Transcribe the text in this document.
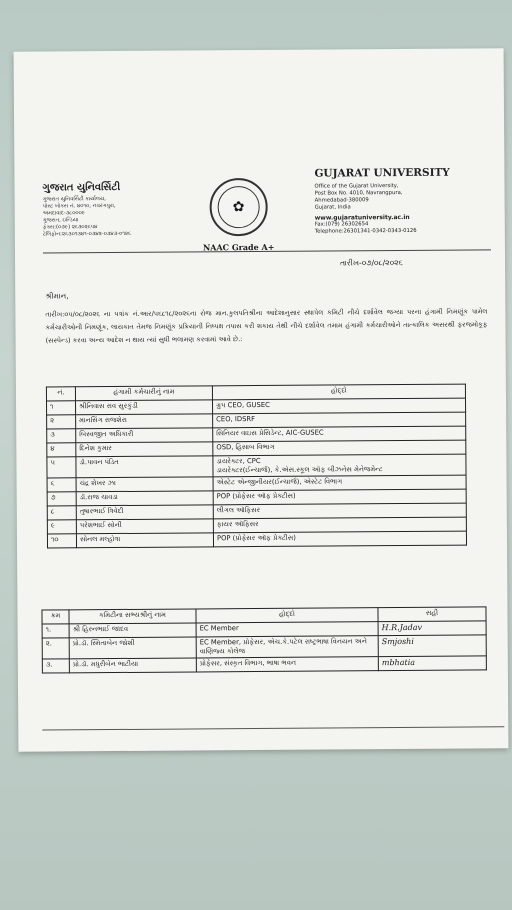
ગુજરાત યુનિવર્સિટી
ગુજરાત યુનિવર્સિટી કાર્યાલય,
પોસ્ટ બોક્સ નં. ૪૦૧૦, નવરંગપુરા,
અમદાવાદ-૩૮૦૦૦૯
ગુજરાત, ઇન્ડિયા
ફેક્સ:(૦૭૯) ૨૬૩૦૨૬૫૪
ટેલિફોન:૨૬૩૦૧૩૪૧-૦૩૪૨-૦૩૪૩-૦૧૨૬
✿
NAAC Grade A+
GUJARAT UNIVERSITY
Office of the Gujarat University,
Post Box No. 4010, Navrangpura,
Ahmedabad-380009
Gujarat, India
www.gujaratuniversity.ac.in
Fax:(079) 26302654
Telephone:26301341-0342-0343-0126
તારીખ-૦૭/૦૮/૨૦૨૬
શ્રીમાન,
તારીખ:૦૫/૦૮/૨૦૨૬ ના પત્રાંક નં.આર/૫૬૮૧૮/૨૦૨૬ના રોજ માન.કુલપતિશ્રીના આદેશાનુસાર સ્થાપેલ કમિટી નીચે દર્શાવેલ જગ્યા પરના હંગામી નિમણૂંક પામેલ કર્મચારીઓની નિમણૂંક, લાયકાત તેમજ નિમણૂંક પ્રક્રિયાની નિષ્પક્ષ તપાસ કરી શકાય તેથી નીચે દર્શાવેલ તમામ હંગામી કર્મચારીઓને તાત્કાલિક અસરથી ફરજમોકૂફ (સસ્પેન્ડ) કરવા અન્ય આદેશ ન થાય ત્યાં સુધી ભલામણ કરવામાં આવે છે.:
નં.	હંગામી કર્મચારીનું નામ	હોદ્દો
૧	શ્રીનિવાસ રાવ સુરકુંડી	ગ્રુપ CEO, GUSEC
૨	માનસિંગ રાજશેરા	CEO, IDSRF
૩	બિસ્વજીત અધિકારી	સિનિયર વાઇસ પ્રેસિડેન્ટ, AIC-GUSEC
૪	દિનેશ કુમાર	OSD, હિસાબ વિભાગ
૫	ડૉ.પાવન પંડિત	ડાયરેક્ટર, CPC
ડાયરેક્ટર(ઈન્ચાર્જ), કે.એસ.સ્કૂલ ઑફ બીઝનેસ મેનેજમેન્ટ
૬	ચંદ્ર શેખર ઝા	એસ્ટેટ એન્જીનીયર(ઈન્ચાર્જ), એસ્ટેટ વિભાગ
૭	ડૉ.રાજ ચાવડા	POP (પ્રોફેસર ઑફ પ્રેક્ટીસ)
૮	તુષારભાઈ ત્રિવેદી	લીગલ ઑફિસર
૯	પરેશભાઈ સોની	ફાયર ઑફિસર
૧૦	સોનલ મલ્હોત્રા	POP (પ્રોફેસર ઑફ પ્રેક્ટીસ)
ક્રમ	કમિટીના સભ્યશ્રીનું નામ	હોદ્દો	સહી
૧.	શ્રી હિરનભાઈ જાદવ	EC Member	H.R.Jadav
૨.	પ્રો.ડૉ. સ્મિતાબેન જોશી	EC Member, પ્રોફેસર, એચ.કે.પટેલ રાષ્ટ્રભાષા વિનયન અને વાણિજ્ય કોલેજ	Smjoshi
૩.	પ્રો.ડૉ. મધુરીબેન ભાટીયા	પ્રોફેસર, સંસ્કૃત વિભાગ, ભાષા ભવન	mbhatia
